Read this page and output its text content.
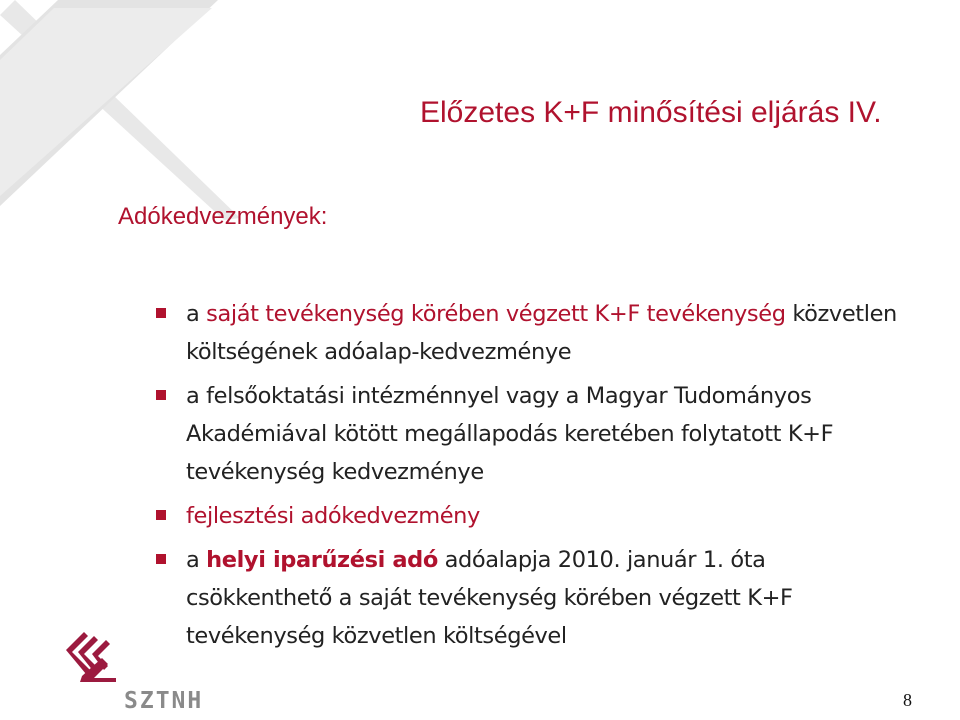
Előzetes K+F minősítési eljárás IV.
Adókedvezmények:
a saját tevékenység körében végzett K+F tevékenység közvetlen költségének adóalap-kedvezménye
a felsőoktatási intézménnyel vagy a Magyar Tudományos Akadémiával kötött megállapodás keretében folytatott K+F tevékenység kedvezménye
fejlesztési adókedvezmény
a helyi iparűzési adó adóalapja 2010. január 1. óta csökkenthető a saját tevékenység körében végzett K+F tevékenység közvetlen költségével
SZTNH	8
